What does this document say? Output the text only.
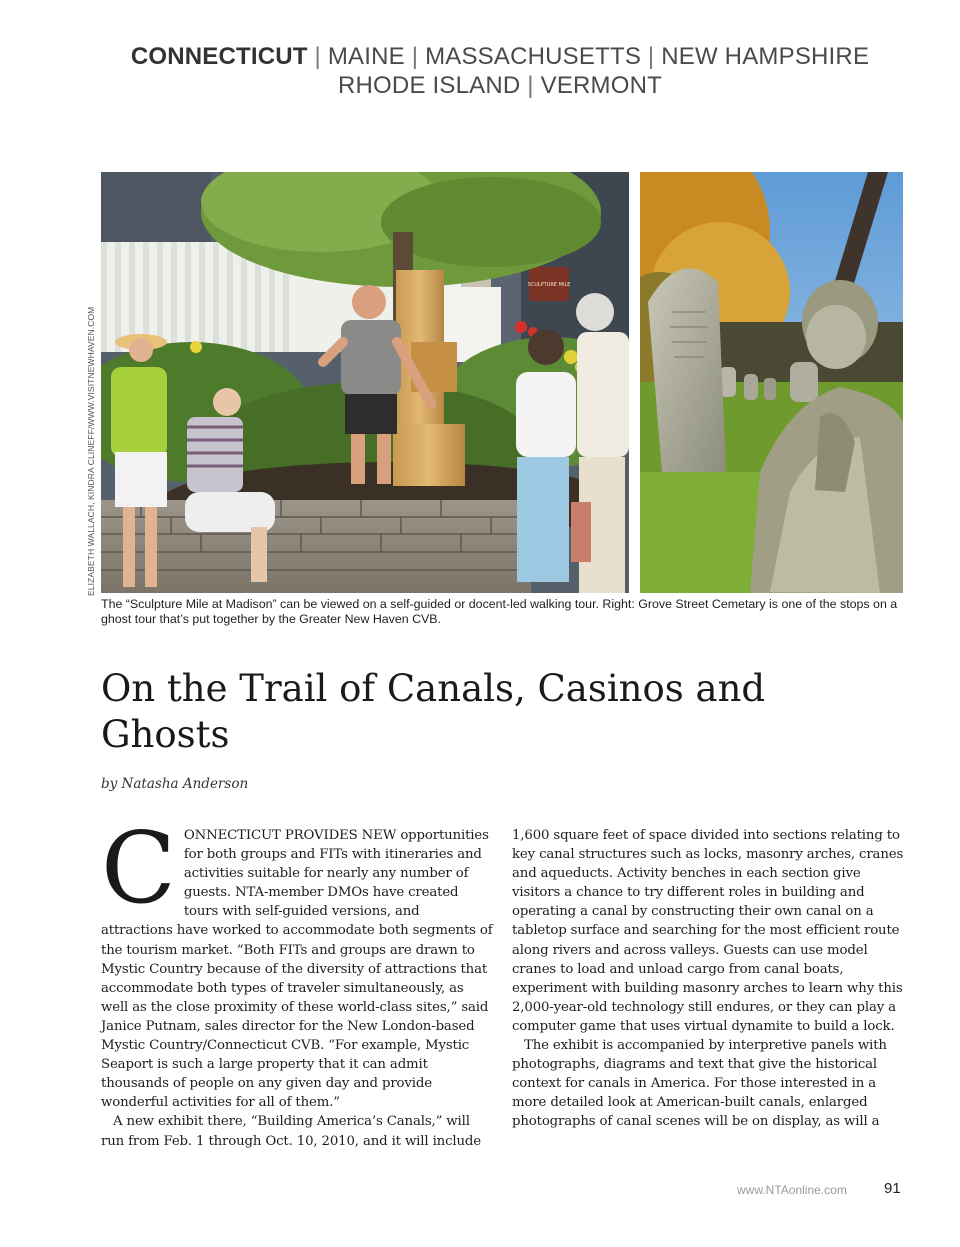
CONNECTICUT | MAINE | MASSACHUSETTS | NEW HAMPSHIRE
RHODE ISLAND | VERMONT
SCULPTURE MILE
ELIZABETH WALLACH, KINDRA CLINEFF/WWW.VISITNEWHAVEN.COM
The “Sculpture Mile at Madison” can be viewed on a self-guided or docent-led walking tour. Right: Grove Street Cemetary is one of the stops on a ghost tour that’s put together by the Greater New Haven CVB.
On the Trail of Canals, Casinos and Ghosts
by Natasha Anderson

CONNECTICUT PROVIDES NEW opportunities for both groups and FITs with itineraries and activities suitable for nearly any number of guests. NTA-member DMOs have created tours with self-guided versions, and attractions have worked to accommodate both segments of the tourism market. “Both FITs and groups are drawn to Mystic Country because of the diversity of attractions that accommodate both types of traveler simultaneously, as well as the close proximity of these world-class sites,” said Janice Putnam, sales director for the New London-based Mystic Country/Connecticut CVB. “For example, Mystic Seaport is such a large property that it can admit thousands of people on any given day and provide wonderful activities for all of them.”

A new exhibit there, “Building America’s Canals,” will run from Feb. 1 through Oct. 10, 2010, and it will include

1,600 square feet of space divided into sections relating to key canal structures such as locks, masonry arches, cranes and aqueducts. Activity benches in each section give visitors a chance to try different roles in building and operating a canal by constructing their own canal on a tabletop surface and searching for the most efficient route along rivers and across valleys. Guests can use model cranes to load and unload cargo from canal boats, experiment with building masonry arches to learn why this 2,000-year-old technology still endures, or they can play a computer game that uses virtual dynamite to build a lock.

The exhibit is accompanied by interpretive panels with photographs, diagrams and text that give the historical context for canals in America. For those interested in a more detailed look at American-built canals, enlarged photographs of canal scenes will be on display, as will a

www.NTAonline.com 91
